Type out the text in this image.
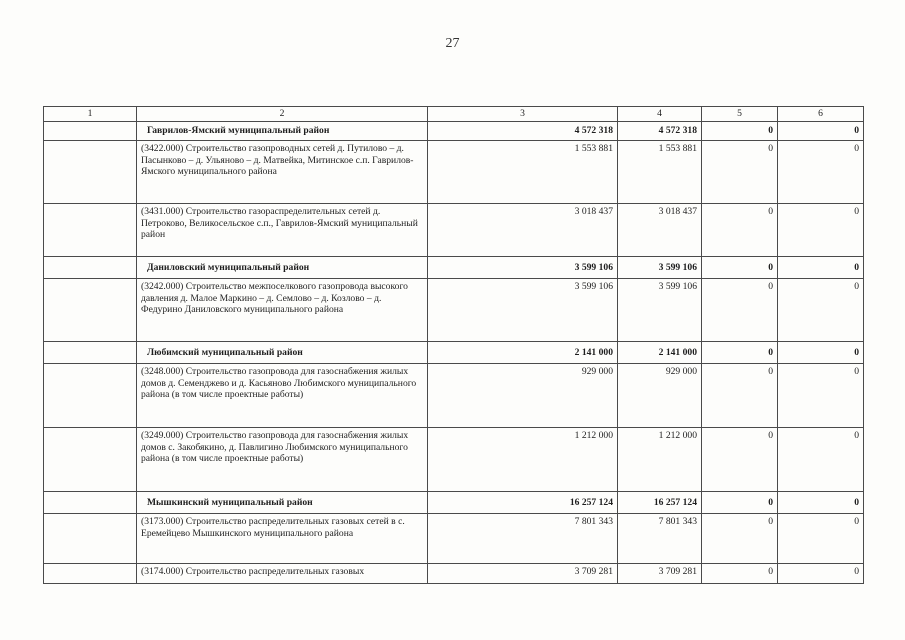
27
1	2	3	4	5	6
	Гаврилов-Ямский муниципальный район	4 572 318	4 572 318	0	0
	(3422.000) Строительство газопроводных сетей д. Путилово – д. Пасынково – д. Ульяново – д. Матвейка, Митинское с.п. Гаврилов-Ямского муниципального района	1 553 881	1 553 881	0	0
	(3431.000) Строительство газораспределительных сетей д. Петроково, Великосельское с.п., Гаврилов-Ямский муниципальный район	3 018 437	3 018 437	0	0
	Даниловский муниципальный район	3 599 106	3 599 106	0	0
	(3242.000) Строительство межпоселкового газопровода высокого давления д. Малое Маркино – д. Семлово – д. Козлово – д. Федурино Даниловского муниципального района	3 599 106	3 599 106	0	0
	Любимский муниципальный район	2 141 000	2 141 000	0	0
	(3248.000) Строительство газопровода для газоснабжения жилых домов д. Семенджево и д. Касьяново Любимского муниципального района (в том числе проектные работы)	929 000	929 000	0	0
	(3249.000) Строительство газопровода для газоснабжения жилых домов с. Закобякино, д. Павлигино Любимского муниципального района (в том числе проектные работы)	1 212 000	1 212 000	0	0
	Мышкинский муниципальный район	16 257 124	16 257 124	0	0
	(3173.000) Строительство распределительных газовых сетей в с. Еремейцево Мышкинского муниципального района	7 801 343	7 801 343	0	0
	(3174.000) Строительство распределительных газовых	3 709 281	3 709 281	0	0
